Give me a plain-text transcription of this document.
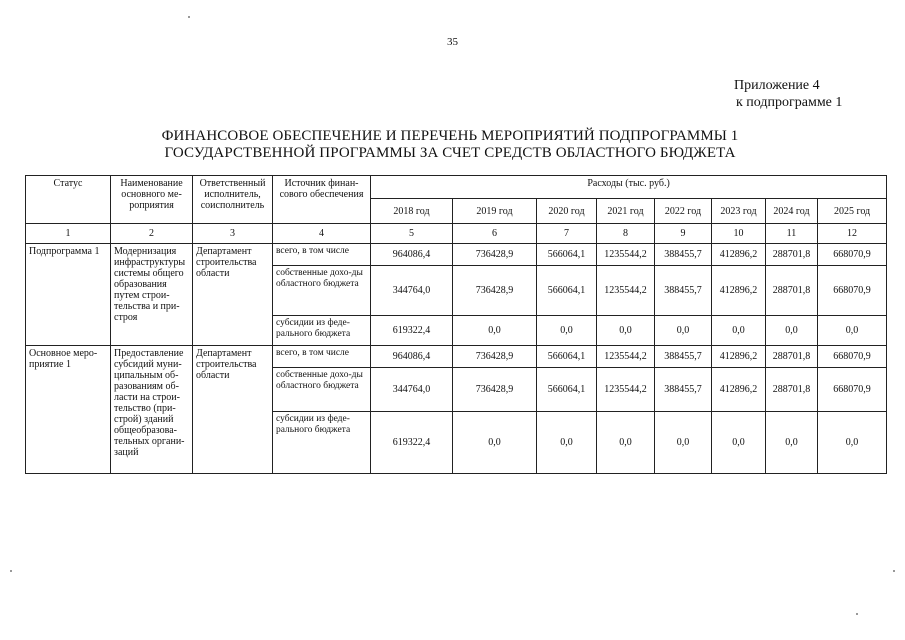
35
Приложение 4
к подпрограмме 1
ФИНАНСОВОЕ ОБЕСПЕЧЕНИЕ И ПЕРЕЧЕНЬ МЕРОПРИЯТИЙ ПОДПРОГРАММЫ 1
ГОСУДАРСТВЕННОЙ ПРОГРАММЫ ЗА СЧЕТ СРЕДСТВ ОБЛАСТНОГО БЮДЖЕТА
Статус	Наименование основного ме-роприятия	Ответственный исполнитель, соисполнитель	Источник финан-сового обеспечения	Расходы (тыс. руб.)							
				2018 год	2019 год	2020 год	2021 год	2022 год	2023 год	2024 год	2025 год
1	2	3	4	5	6	7	8	9	10	11	12
Подпрограмма 1	Модернизация инфраструктуры системы общего образования путем строи-тельства и при-строя	Департамент строительства области	всего, в том числе	964086,4	736428,9	566064,1	1235544,2	388455,7	412896,2	288701,8	668070,9
			собственные дохо-ды областного бюджета	344764,0	736428,9	566064,1	1235544,2	388455,7	412896,2	288701,8	668070,9
			субсидии из феде-рального бюджета	619322,4	0,0	0,0	0,0	0,0	0,0	0,0	0,0
Основное меро-приятие 1	Предоставление субсидий муни-ципальным об-разованиям об-ласти на строи-тельство (при-строй) зданий общеобразова-тельных органи-заций	Департамент строительства области	всего, в том числе	964086,4	736428,9	566064,1	1235544,2	388455,7	412896,2	288701,8	668070,9
			собственные дохо-ды областного бюджета	344764,0	736428,9	566064,1	1235544,2	388455,7	412896,2	288701,8	668070,9
			субсидии из феде-рального бюджета	619322,4	0,0	0,0	0,0	0,0	0,0	0,0	0,0
